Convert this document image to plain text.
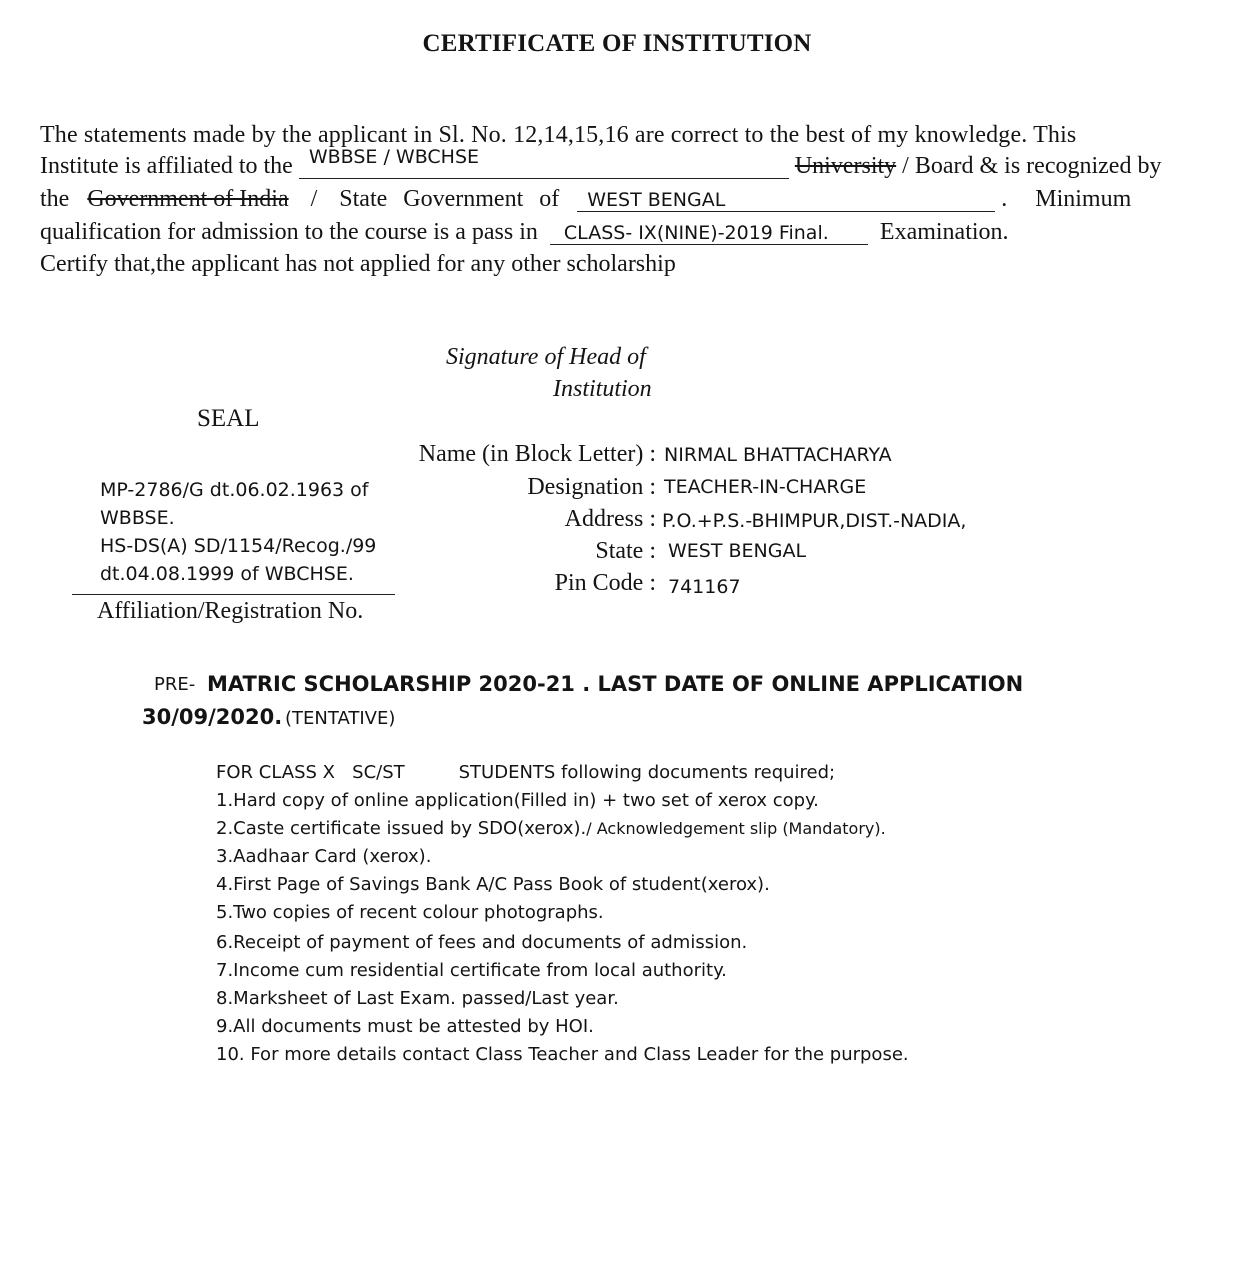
CERTIFICATE OF INSTITUTION
The statements made by the applicant in Sl. No. 12,14,15,16 are correct to the best of my knowledge. This
Institute is affiliated to the WBBSE / WBCHSE	University / Board & is recognized by
the Government of India / State Government of	WEST BENGAL	. Minimum
qualification for admission to the course is a pass in CLASS- IX(NINE)-2019 Final. Examination.
Certify that,the applicant has not applied for any other scholarship
Signature of Head of
Institution
SEAL
MP-2786/G dt.06.02.1963 of
WBBSE.
HS-DS(A) SD/1154/Recog./99
dt.04.08.1999 of WBCHSE.
Affiliation/Registration No.
Name (in Block Letter) : NIRMAL BHATTACHARYA
Designation : TEACHER-IN-CHARGE
Address : P.O.+P.S.-BHIMPUR,DIST.-NADIA,
State : WEST BENGAL
Pin Code : 741167
PRE- MATRIC SCHOLARSHIP 2020-21 . LAST DATE OF ONLINE APPLICATION
30/09/2020. (TENTATIVE)
FOR CLASS X   SC/ST	STUDENTS following documents required;
1.Hard copy of online application(Filled in) + two set of xerox copy.
2.Caste certificate issued by SDO(xerox)./ Acknowledgement slip (Mandatory).
3.Aadhaar Card (xerox).
4.First Page of Savings Bank A/C Pass Book of student(xerox).
5.Two copies of recent colour photographs.
6.Receipt of payment of fees and documents of admission.
7.Income cum residential certificate from local authority.
8.Marksheet of Last Exam. passed/Last year.
9.All documents must be attested by HOI.
10. For more details contact Class Teacher and Class Leader for the purpose.
